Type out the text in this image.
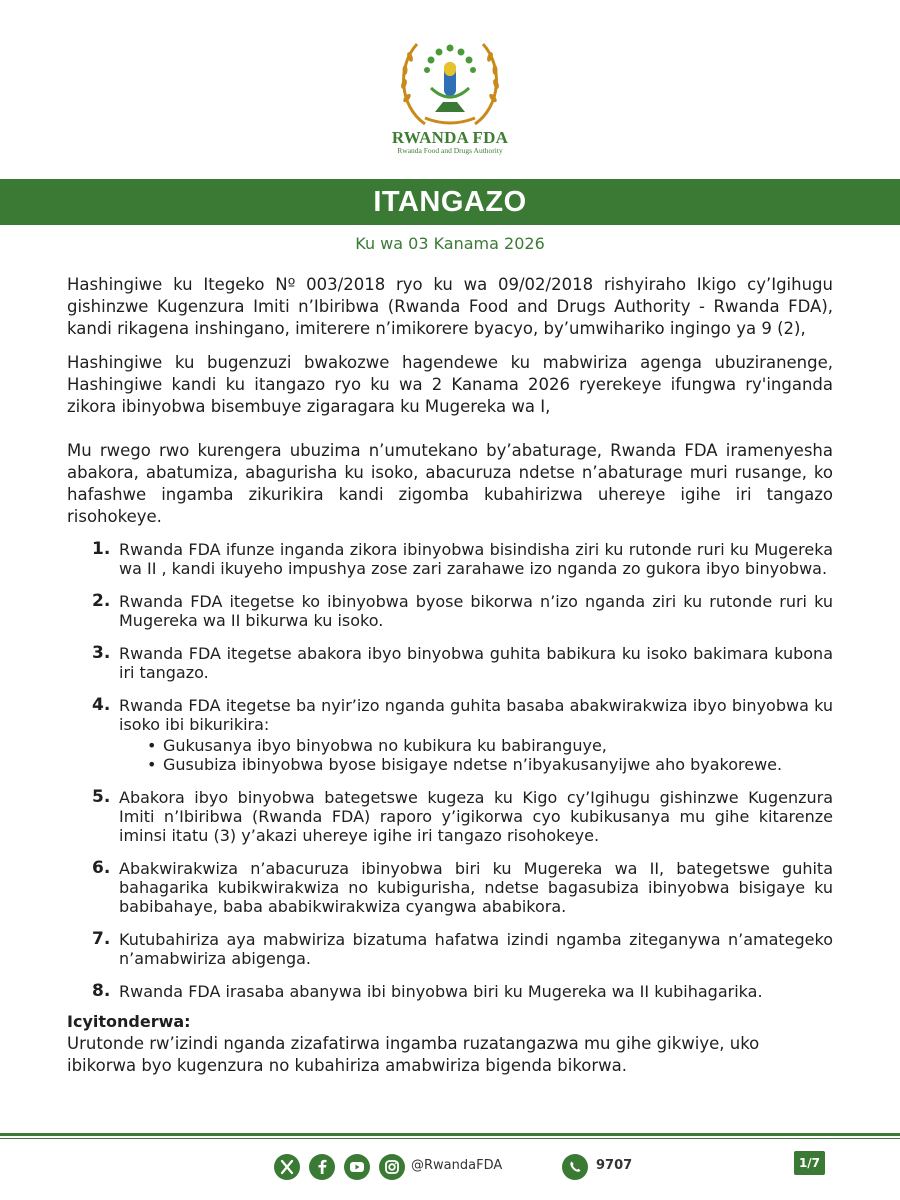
RWANDA FDA
Rwanda Food and Drugs Authority
ITANGAZO
Ku wa 03 Kanama 2026

Hashingiwe ku Itegeko Nº 003/2018 ryo ku wa 09/02/2018 rishyiraho Ikigo cy’Igihugu gishinzwe Kugenzura Imiti n’Ibiribwa (Rwanda Food and Drugs Authority - Rwanda FDA), kandi rikagena inshingano, imiterere n’imikorere byacyo, by’umwihariko ingingo ya 9 (2),

Hashingiwe ku bugenzuzi bwakozwe hagendewe ku mabwiriza agenga ubuziranenge, Hashingiwe kandi ku itangazo ryo ku wa 2 Kanama 2026 ryerekeye ifungwa ry'inganda zikora ibinyobwa bisembuye zigaragara ku Mugereka wa I,

Mu rwego rwo kurengera ubuzima n’umutekano by’abaturage, Rwanda FDA iramenyesha abakora, abatumiza, abagurisha ku isoko, abacuruza ndetse n’abaturage muri rusange, ko hafashwe ingamba zikurikira kandi zigomba kubahirizwa uhereye igihe iri tangazo risohokeye.

1. Rwanda FDA ifunze inganda zikora ibinyobwa bisindisha ziri ku rutonde ruri ku Mugereka wa II , kandi ikuyeho impushya zose zari zarahawe izo nganda zo gukora ibyo binyobwa.
2. Rwanda FDA itegetse ko ibinyobwa byose bikorwa n’izo nganda ziri ku rutonde ruri ku Mugereka wa II bikurwa ku isoko.
3. Rwanda FDA itegetse abakora ibyo binyobwa guhita babikura ku isoko bakimara kubona iri tangazo.
4. Rwanda FDA itegetse ba nyir’izo nganda guhita basaba abakwirakwiza ibyo binyobwa ku isoko ibi bikurikira:
• Gukusanya ibyo binyobwa no kubikura ku babiranguye,
• Gusubiza ibinyobwa byose bisigaye ndetse n’ibyakusanyijwe aho byakorewe.
5. Abakora ibyo binyobwa bategetswe kugeza ku Kigo cy’Igihugu gishinzwe Kugenzura Imiti n’Ibiribwa (Rwanda FDA) raporo y’igikorwa cyo kubikusanya mu gihe kitarenze iminsi itatu (3) y’akazi uhereye igihe iri tangazo risohokeye.
6. Abakwirakwiza n’abacuruza ibinyobwa biri ku Mugereka wa II, bategetswe guhita bahagarika kubikwirakwiza no kubigurisha, ndetse bagasubiza ibinyobwa bisigaye ku babibahaye, baba ababikwirakwiza cyangwa ababikora.
7. Kutubahiriza aya mabwiriza bizatuma hafatwa izindi ngamba ziteganywa n’amategeko n’amabwiriza abigenga.
8. Rwanda FDA irasaba abanywa ibi binyobwa biri ku Mugereka wa II kubihagarika.
Icyitonderwa:
Urutonde rw’izindi nganda zizafatirwa ingamba ruzatangazwa mu gihe gikwiye, uko ibikorwa byo kugenzura no kubahiriza amabwiriza bigenda bikorwa.
@RwandaFDA	9707	1/7
